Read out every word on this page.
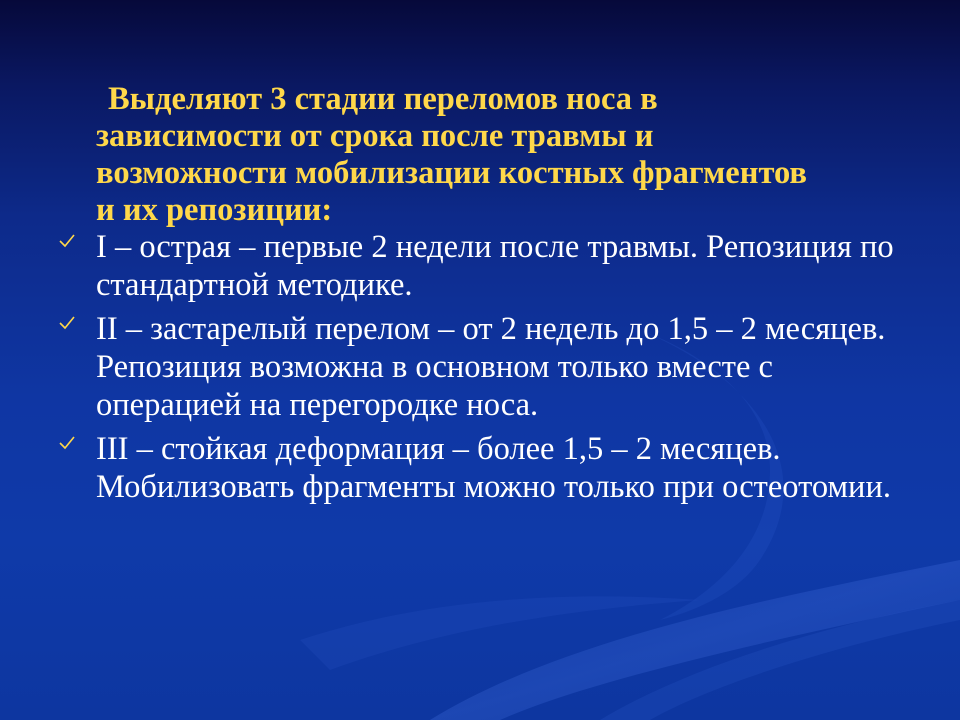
Выделяют 3 стадии переломов носа в зависимости от срока после травмы и возможности мобилизации костных фрагментов и их репозиции:

I – острая – первые 2 недели после травмы. Репозиция по стандартной методике.
II – застарелый перелом – от 2 недель до 1,5 – 2 месяцев. Репозиция возможна в основном только вместе с операцией на перегородке носа.
III – стойкая деформация – более 1,5 – 2 месяцев. Мобилизовать фрагменты можно только при остеотомии.
